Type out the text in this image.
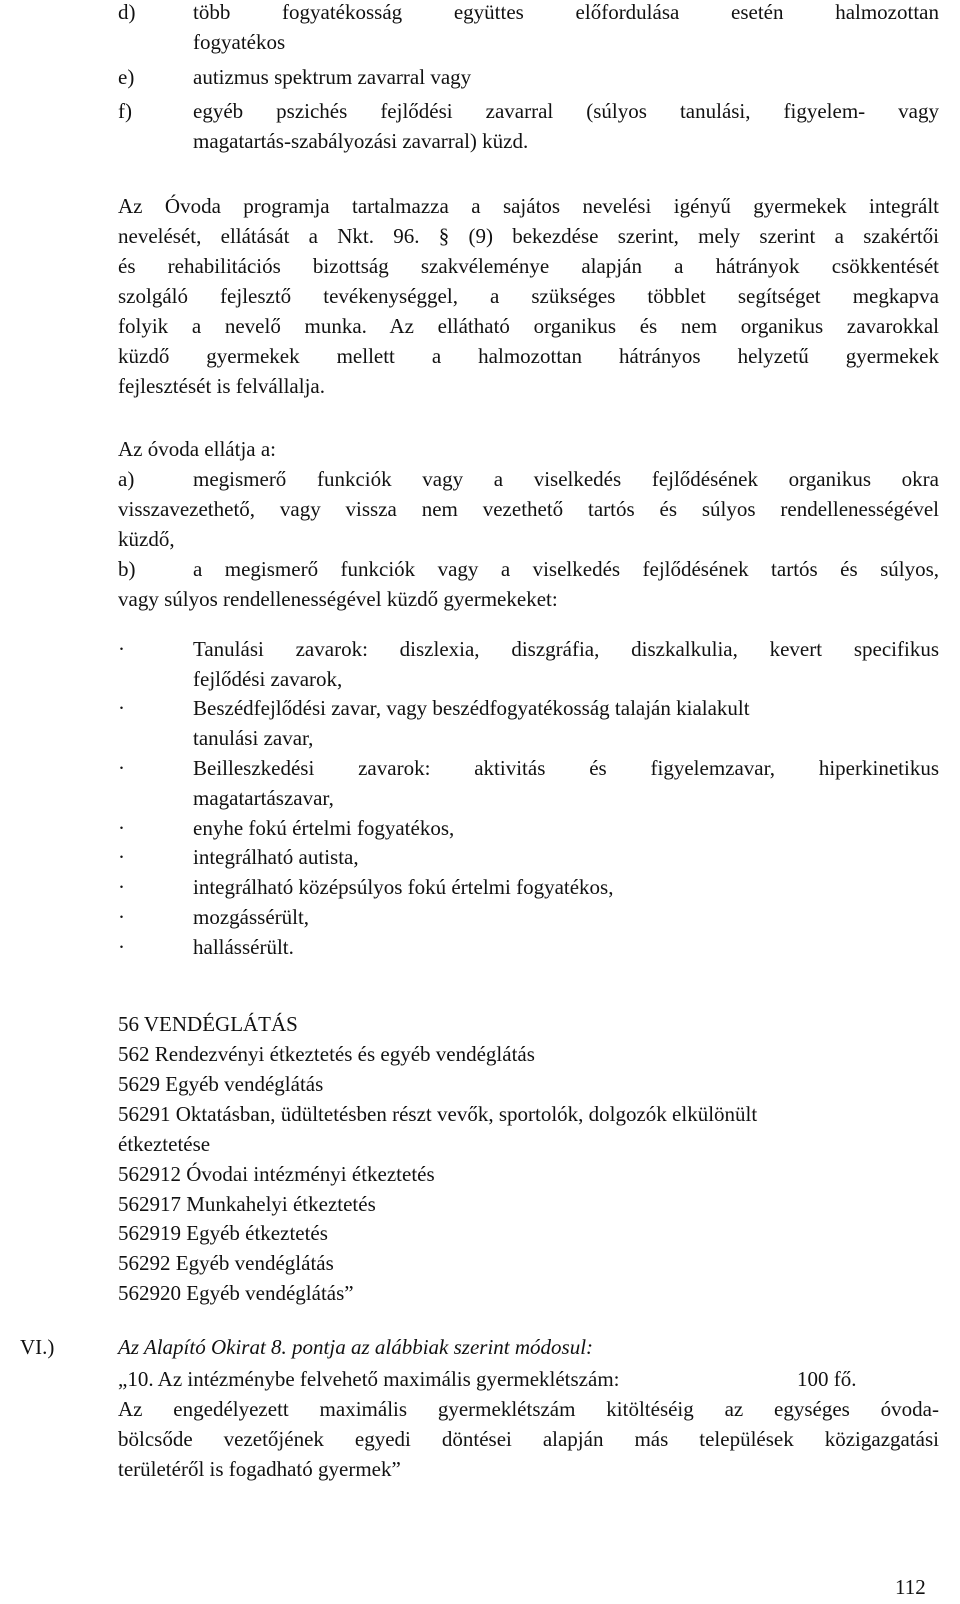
d)	több fogyatékosság együttes előfordulása esetén halmozottan
fogyatékos
e)	autizmus spektrum zavarral vagy
f)	egyéb pszichés fejlődési zavarral (súlyos tanulási, figyelem- vagy
magatartás-szabályozási zavarral) küzd.
Az Óvoda programja tartalmazza a sajátos nevelési igényű gyermekek integrált
nevelését, ellátását a Nkt. 96. § (9) bekezdése szerint, mely szerint a szakértői
és rehabilitációs bizottság szakvéleménye alapján a hátrányok csökkentését
szolgáló fejlesztő tevékenységgel, a szükséges többlet segítséget megkapva
folyik a nevelő munka. Az ellátható organikus és nem organikus zavarokkal
küzdő gyermekek mellett a halmozottan hátrányos helyzetű gyermekek
fejlesztését is felvállalja.
Az óvoda ellátja a:
a)	megismerő funkciók vagy a viselkedés fejlődésének organikus okra
visszavezethető, vagy vissza nem vezethető tartós és súlyos rendellenességével
küzdő,
b)	a megismerő funkciók vagy a viselkedés fejlődésének tartós és súlyos,
vagy súlyos rendellenességével küzdő gyermekeket:
·	Tanulási zavarok: diszlexia, diszgráfia, diszkalkulia, kevert specifikus
fejlődési zavarok,
·	Beszédfejlődési zavar, vagy beszédfogyatékosság talaján kialakult
tanulási zavar,
·	Beilleszkedési zavarok: aktivitás és figyelemzavar, hiperkinetikus
magatartászavar,
·	enyhe fokú értelmi fogyatékos,
·	integrálható autista,
·	integrálható középsúlyos fokú értelmi fogyatékos,
·	mozgássérült,
·	hallássérült.
56 VENDÉGLÁTÁS
562 Rendezvényi étkeztetés és egyéb vendéglátás
5629 Egyéb vendéglátás
56291 Oktatásban, üdültetésben részt vevők, sportolók, dolgozók elkülönült
étkeztetése
562912 Óvodai intézményi étkeztetés
562917 Munkahelyi étkeztetés
562919 Egyéb étkeztetés
56292 Egyéb vendéglátás
562920 Egyéb vendéglátás”
VI.)	Az Alapító Okirat 8. pontja az alábbiak szerint módosul:
„10. Az intézménybe felvehető maximális gyermeklétszám:	100 fő.
Az engedélyezett maximális gyermeklétszám kitöltéséig az egységes óvoda-
bölcsőde vezetőjének egyedi döntései alapján más települések közigazgatási
területéről is fogadható gyermek”
112
